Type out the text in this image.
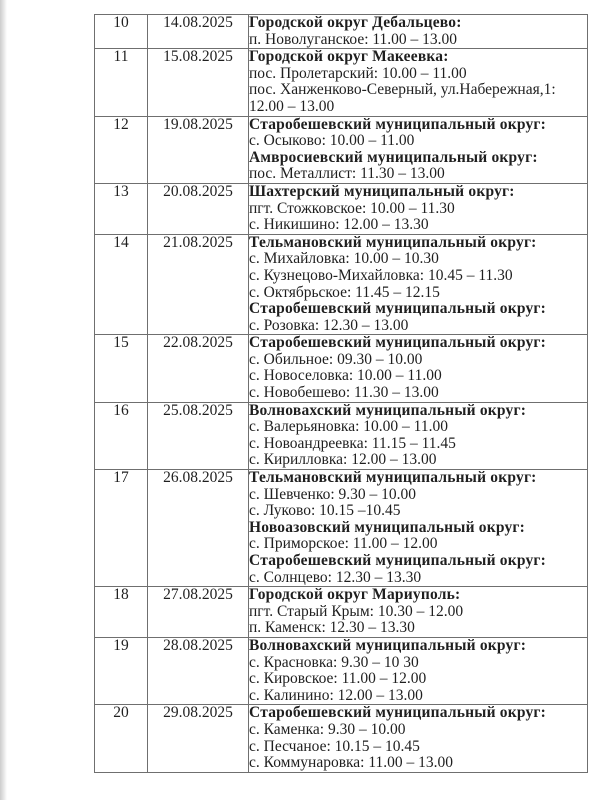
10	14.08.2025	Городской округ Дебальцево:
п. Новолуганское: 11.00 – 13.00

11	15.08.2025	Городской округ Макеевка:
пос. Пролетарский: 10.00 – 11.00
пос. Ханженково-Северный, ул.Набережная,1:
12.00 – 13.00

12	19.08.2025	Старобешевский муниципальный округ:
с. Осыково: 10.00 – 11.00
Амвросиевский муниципальный округ:
пос. Металлист: 11.30 – 13.00

13	20.08.2025	Шахтерский муниципальный округ:
пгт. Стожковское: 10.00 – 11.30
с. Никишино: 12.00 – 13.30

14	21.08.2025	Тельмановский муниципальный округ:
с. Михайловка: 10.00 – 10.30
с. Кузнецово-Михайловка: 10.45 – 11.30
с. Октябрьское: 11.45 – 12.15
Старобешевский муниципальный округ:
с. Розовка: 12.30 – 13.00

15	22.08.2025	Старобешевский муниципальный округ:
с. Обильное: 09.30 – 10.00
с. Новоселовка: 10.00 – 11.00
с. Новобешево: 11.30 – 13.00

16	25.08.2025	Волновахский муниципальный округ:
с. Валерьяновка: 10.00 – 11.00
с. Новоандреевка: 11.15 – 11.45
с. Кирилловка: 12.00 – 13.00

17	26.08.2025	Тельмановский муниципальный округ:
с. Шевченко: 9.30 – 10.00
с. Луково: 10.15 –10.45
Новоазовский муниципальный округ:
с. Приморское: 11.00 – 12.00
Старобешевский муниципальный округ:
с. Солнцево: 12.30 – 13.30

18	27.08.2025	Городской округ Мариуполь:
пгт. Старый Крым: 10.30 – 12.00
п. Каменск: 12.30 – 13.30

19	28.08.2025	Волновахский муниципальный округ:
с. Красновка: 9.30 – 10 30
с. Кировское: 11.00 – 12.00
с. Калинино: 12.00 – 13.00

20	29.08.2025	Старобешевский муниципальный округ:
с. Каменка: 9.30 – 10.00
с. Песчаное: 10.15 – 10.45
с. Коммунаровка: 11.00 – 13.00
